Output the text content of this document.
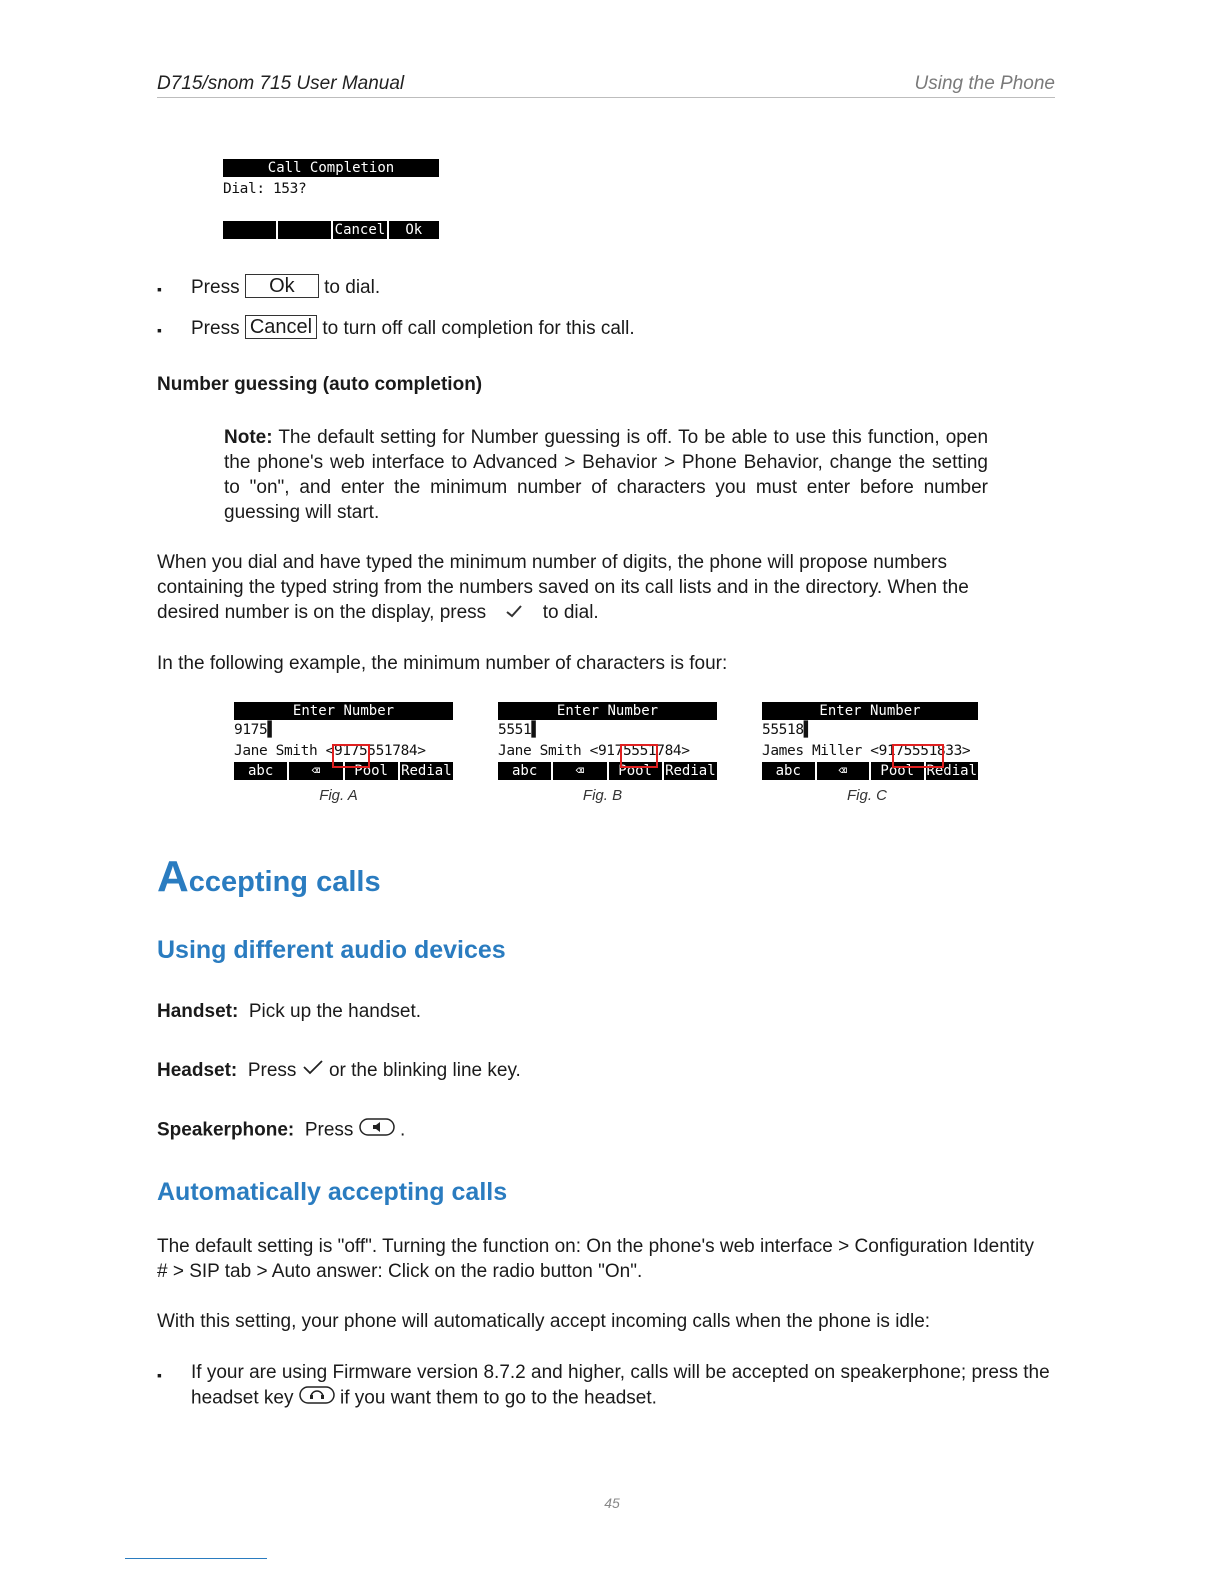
D715/snom 715 User Manual	Using the Phone
Call Completion
Dial: 153?
Cancel	Ok
▪ Press Ok to dial.
▪ Press Cancel to turn off call completion for this call.
Number guessing (auto completion)
Note: The default setting for Number guessing is off. To be able to use this function, open the phone's web interface to Advanced > Behavior > Phone Behavior, change the setting to "on", and enter the minimum number of characters you must enter before number guessing will start.
When you dial and have typed the minimum number of digits, the phone will propose numbers containing the typed string from the numbers saved on its call lists and in the directory. When the desired number is on the display, press	to dial.
In the following example, the minimum number of characters is four:
Enter Number
9175▌
Jane Smith <9175551784>
abc	⌫	Pool Redial
Fig. A
Enter Number
5551▌
Jane Smith <9175551784>
abc	⌫	Pool Redial
Fig. B
Enter Number
55518▌
James Miller <9175551833>
abc	⌫	Pool Redial
Fig. C
Accepting calls
Using different audio devices
Handset: Pick up the handset.
Headset: Press or the blinking line key.
Speakerphone: Press .
Automatically accepting calls
The default setting is "off". Turning the function on: On the phone's web interface > Configuration Identity # > SIP tab > Auto answer: Click on the radio button "On".
With this setting, your phone will automatically accept incoming calls when the phone is idle:
▪ If your are using Firmware version 8.7.2 and higher, calls will be accepted on speakerphone; press the headset key if you want them to go to the headset.
45
